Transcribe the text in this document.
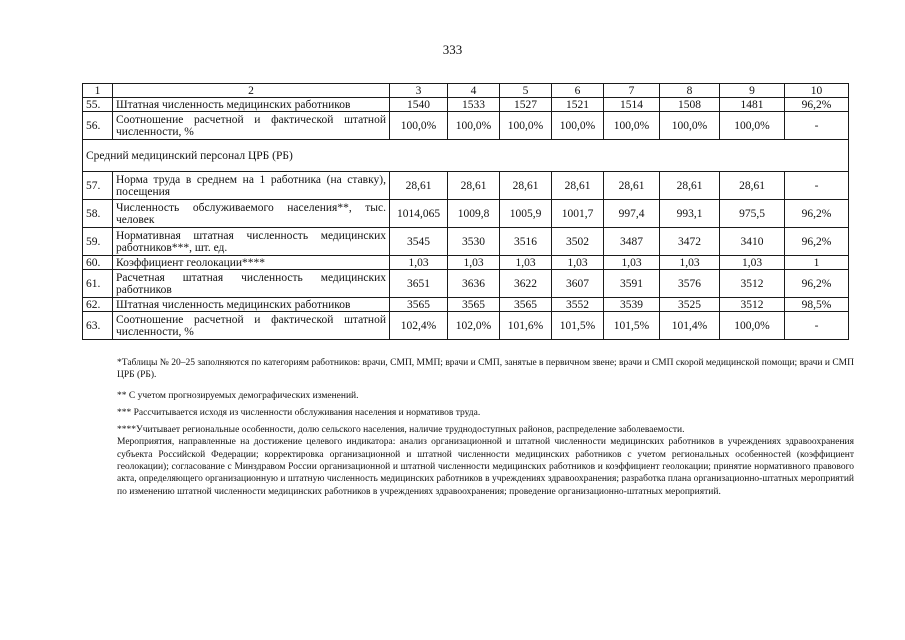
333
1	2	3	4	5	6	7	8	9	10
55.	Штатная численность медицинских работников	1540	1533	1527	1521	1514	1508	1481	96,2%
56.	Соотношение расчетной и фактической штатной численности, %	100,0%	100,0%	100,0%	100,0%	100,0%	100,0%	100,0%	-
Средний медицинский персонал ЦРБ (РБ)									
57.	Норма труда в среднем на 1 работника (на ставку), посещения	28,61	28,61	28,61	28,61	28,61	28,61	28,61	-
58.	Численность обслуживаемого населения**, тыс. человек	1014,065	1009,8	1005,9	1001,7	997,4	993,1	975,5	96,2%
59.	Нормативная штатная численность медицинских работников***, шт. ед.	3545	3530	3516	3502	3487	3472	3410	96,2%
60.	Коэффициент геолокации****	1,03	1,03	1,03	1,03	1,03	1,03	1,03	1
61.	Расчетная штатная численность медицинских работников	3651	3636	3622	3607	3591	3576	3512	96,2%
62.	Штатная численность медицинских работников	3565	3565	3565	3552	3539	3525	3512	98,5%
63.	Соотношение расчетной и фактической штатной численности, %	102,4%	102,0%	101,6%	101,5%	101,5%	101,4%	100,0%	-

*Таблицы № 20–25 заполняются по категориям работников: врачи, СМП, ММП; врачи и СМП, занятые в первичном звене; врачи и СМП скорой медицинской помощи; врачи и СМП ЦРБ (РБ).

** С учетом прогнозируемых демографических изменений.

*** Рассчитывается исходя из численности обслуживания населения и нормативов труда.

****Учитывает региональные особенности, долю сельского населения, наличие труднодоступных районов, распределение заболеваемости.

Мероприятия, направленные на достижение целевого индикатора: анализ организационной и штатной численности медицинских работников в учреждениях здравоохранения субъекта Российской Федерации; корректировка организационной и штатной численности медицинских работников с учетом региональных особенностей (коэффициент геолокации); согласование с Минздравом России организационной и штатной численности медицинских работников и коэффициент геолокации; принятие нормативного правового акта, определяющего организационную и штатную численность медицинских работников в учреждениях здравоохранения; разработка плана организационно-штатных мероприятий по изменению штатной численности медицинских работников в учреждениях здравоохранения; проведение организационно-штатных мероприятий.
